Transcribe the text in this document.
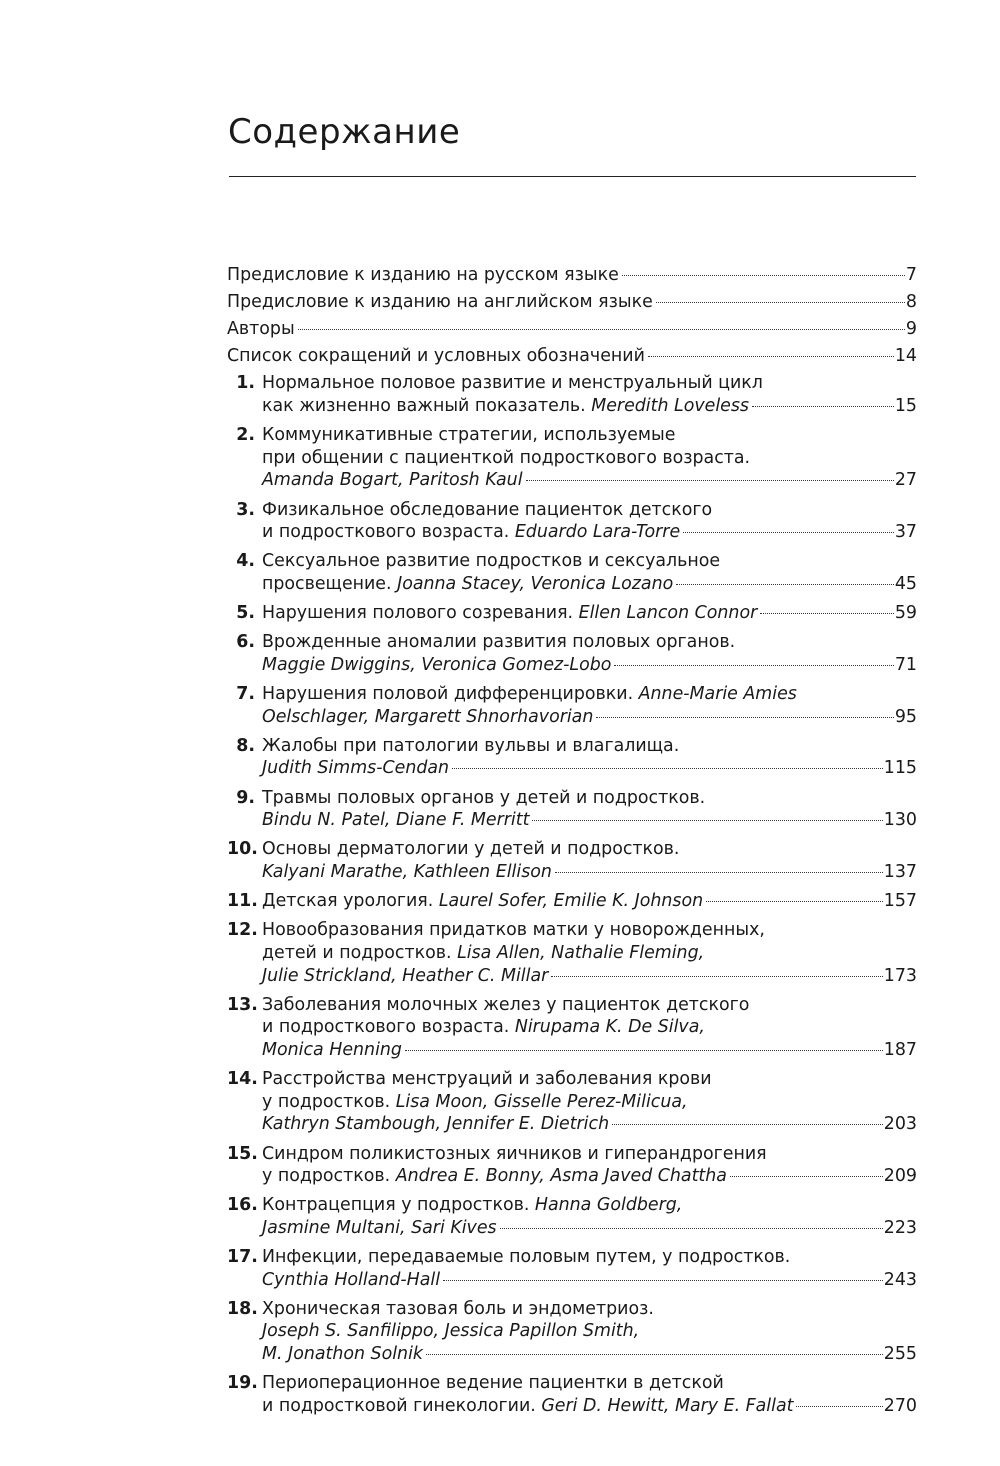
Содержание
Предисловие к изданию на русском языке	7
Предисловие к изданию на английском языке	8
Авторы	9
Список сокращений и условных обозначений	14
1. Нормальное половое развитие и менструальный цикл
как жизненно важный показатель. Meredith Loveless	15
2. Коммуникативные стратегии, используемые
при общении с пациенткой подросткового возраста.
Amanda Bogart, Paritosh Kaul	27
3. Физикальное обследование пациенток детского
и подросткового возраста. Eduardo Lara-Torre	37
4. Сексуальное развитие подростков и сексуальное
просвещение. Joanna Stacey, Veronica Lozano	45
5. Нарушения полового созревания. Ellen Lancon Connor	59
6. Врожденные аномалии развития половых органов.
Maggie Dwiggins, Veronica Gomez-Lobo	71
7. Нарушения половой дифференцировки. Anne-Marie Amies
Oelschlager, Margarett Shnorhavorian	95
8. Жалобы при патологии вульвы и влагалища.
Judith Simms-Cendan	115
9. Травмы половых органов у детей и подростков.
Bindu N. Patel, Diane F. Merritt	130
10. Основы дерматологии у детей и подростков.
Kalyani Marathe, Kathleen Ellison	137
11. Детская урология. Laurel Sofer, Emilie K. Johnson	157
12. Новообразования придатков матки у новорожденных,
детей и подростков. Lisa Allen, Nathalie Fleming,
Julie Strickland, Heather C. Millar	173
13. Заболевания молочных желез у пациенток детского
и подросткового возраста. Nirupama K. De Silva,
Monica Henning	187
14. Расстройства менструаций и заболевания крови
у подростков. Lisa Moon, Gisselle Perez-Milicua,
Kathryn Stambough, Jennifer E. Dietrich	203
15. Синдром поликистозных яичников и гиперандрогения
у подростков. Andrea E. Bonny, Asma Javed Chattha	209
16. Контрацепция у подростков. Hanna Goldberg,
Jasmine Multani, Sari Kives	223
17. Инфекции, передаваемые половым путем, у подростков.
Cynthia Holland-Hall	243
18. Хроническая тазовая боль и эндометриоз.
Joseph S. Sanfilippo, Jessica Papillon Smith,
M. Jonathon Solnik	255
19. Периоперационное ведение пациентки в детской
и подростковой гинекологии. Geri D. Hewitt, Mary E. Fallat	270
